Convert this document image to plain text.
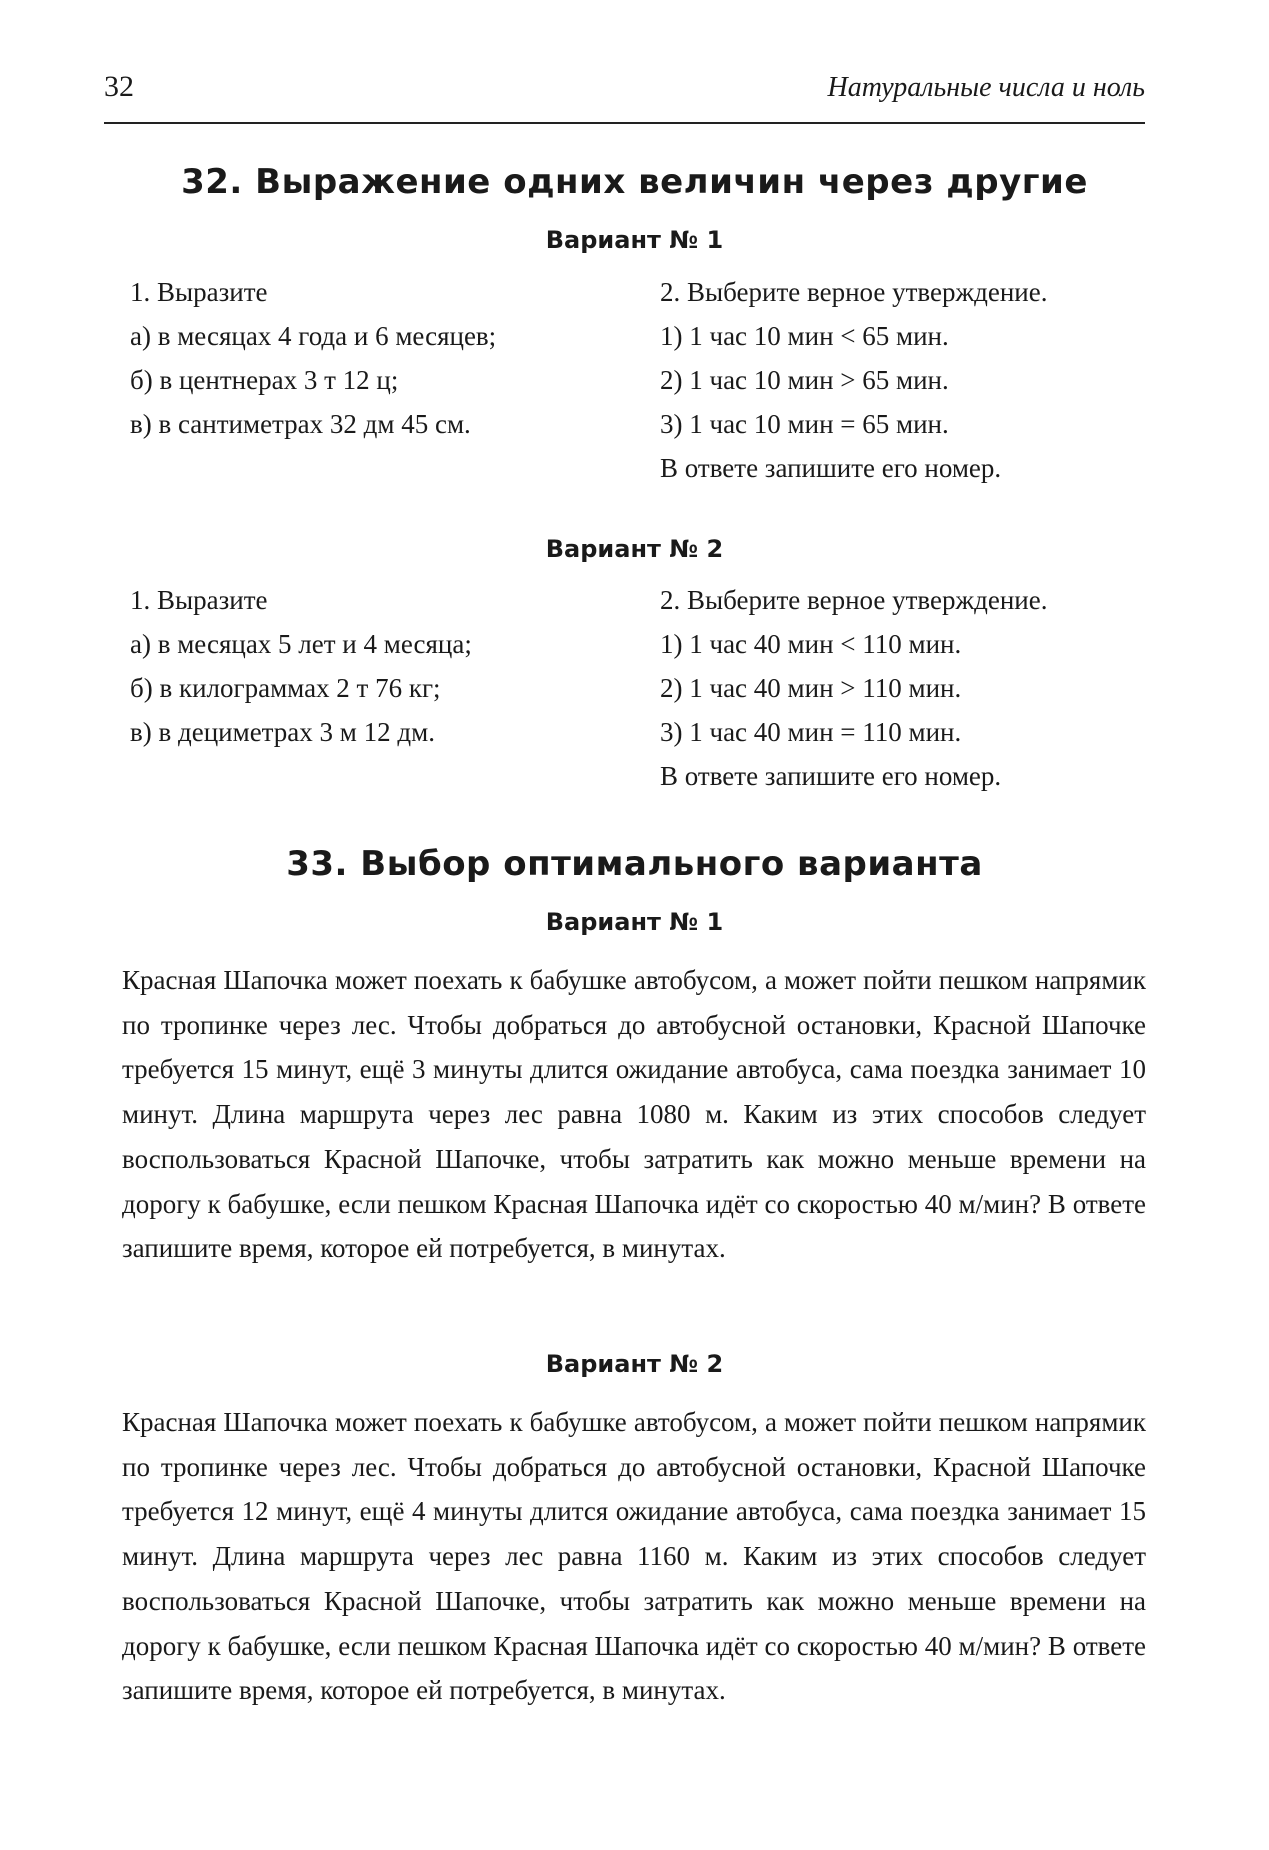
32	Натуральные числа и ноль
32. Выражение одних величин через другие
Вариант № 1
1. Выразите
а) в месяцах 4 года и 6 месяцев;
б) в центнерах 3 т 12 ц;
в) в сантиметрах 32 дм 45 см.
2. Выберите верное утверждение.
1) 1 час 10 мин < 65 мин.
2) 1 час 10 мин > 65 мин.
3) 1 час 10 мин = 65 мин.
В ответе запишите его номер.
Вариант № 2
1. Выразите
а) в месяцах 5 лет и 4 месяца;
б) в килограммах 2 т 76 кг;
в) в дециметрах 3 м 12 дм.
2. Выберите верное утверждение.
1) 1 час 40 мин < 110 мин.
2) 1 час 40 мин > 110 мин.
3) 1 час 40 мин = 110 мин.
В ответе запишите его номер.
33. Выбор оптимального варианта
Вариант № 1
Красная Шапочка может поехать к бабушке автобусом, а может пойти пешком напрямик по тропинке через лес. Чтобы добраться до автобусной остановки, Красной Шапочке требуется 15 минут, ещё 3 минуты длится ожидание автобуса, сама поездка занимает 10 минут. Длина маршрута через лес равна 1080 м. Каким из этих способов следует воспользоваться Красной Шапочке, чтобы затратить как можно меньше времени на дорогу к бабушке, если пешком Красная Шапочка идёт со скоростью 40 м/мин? В ответе запишите время, которое ей потребуется, в минутах.
Вариант № 2
Красная Шапочка может поехать к бабушке автобусом, а может пойти пешком напрямик по тропинке через лес. Чтобы добраться до автобусной остановки, Красной Шапочке требуется 12 минут, ещё 4 минуты длится ожидание автобуса, сама поездка занимает 15 минут. Длина маршрута через лес равна 1160 м. Каким из этих способов следует воспользоваться Красной Шапочке, чтобы затратить как можно меньше времени на дорогу к бабушке, если пешком Красная Шапочка идёт со скоростью 40 м/мин? В ответе запишите время, которое ей потребуется, в минутах.
